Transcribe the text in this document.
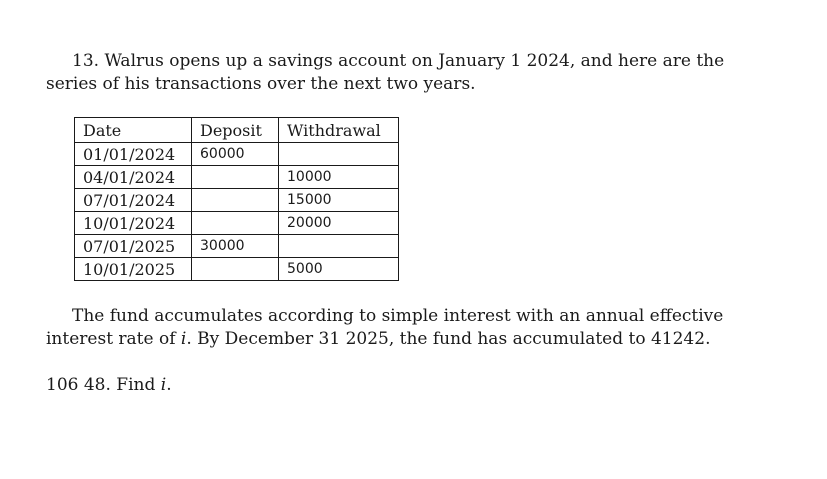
13. Walrus opens up a savings account on January 1 2024, and here are the series of his transactions over the next two years.

Date	Deposit	Withdrawal
01/01/2024	60000	
04/01/2024		10000
07/01/2024		15000
10/01/2024		20000
07/01/2025	30000	
10/01/2025		5000

The fund accumulates according to simple interest with an annual effective interest rate of i. By December 31 2025, the fund has accumulated to 41242.

106 48. Find i.
